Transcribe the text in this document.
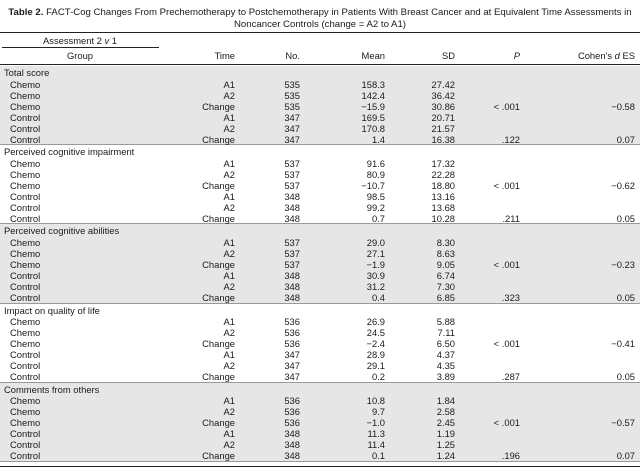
Table 2. FACT-Cog Changes From Prechemotherapy to Postchemotherapy in Patients With Breast Cancer and at Equivalent Time Assessments in
Noncancer Controls (change = A2 to A1)
Assessment 2 v 1
Group	Time	No.	Mean	SD	P	Cohen's d ES
Total score
Chemo	A1	535	158.3	27.42
Chemo	A2	535	142.4	36.42
Chemo	Change	535	−15.9	30.86	< .001	−0.58
Control	A1	347	169.5	20.71
Control	A2	347	170.8	21.57
Control	Change	347	1.4	16.38	.122	0.07
Perceived cognitive impairment
Chemo	A1	537	91.6	17.32
Chemo	A2	537	80.9	22.28
Chemo	Change	537	−10.7	18.80	< .001	−0.62
Control	A1	348	98.5	13.16
Control	A2	348	99.2	13.68
Control	Change	348	0.7	10.28	.211	0.05
Perceived cognitive abilities
Chemo	A1	537	29.0	8.30
Chemo	A2	537	27.1	8.63
Chemo	Change	537	−1.9	9.05	< .001	−0.23
Control	A1	348	30.9	6.74
Control	A2	348	31.2	7.30
Control	Change	348	0.4	6.85	.323	0.05
Impact on quality of life
Chemo	A1	536	26.9	5.88
Chemo	A2	536	24.5	7.11
Chemo	Change	536	−2.4	6.50	< .001	−0.41
Control	A1	347	28.9	4.37
Control	A2	347	29.1	4.35
Control	Change	347	0.2	3.89	.287	0.05
Comments from others
Chemo	A1	536	10.8	1.84
Chemo	A2	536	9.7	2.58
Chemo	Change	536	−1.0	2.45	< .001	−0.57
Control	A1	348	11.3	1.19
Control	A2	348	11.4	1.25
Control	Change	348	0.1	1.24	.196	0.07
